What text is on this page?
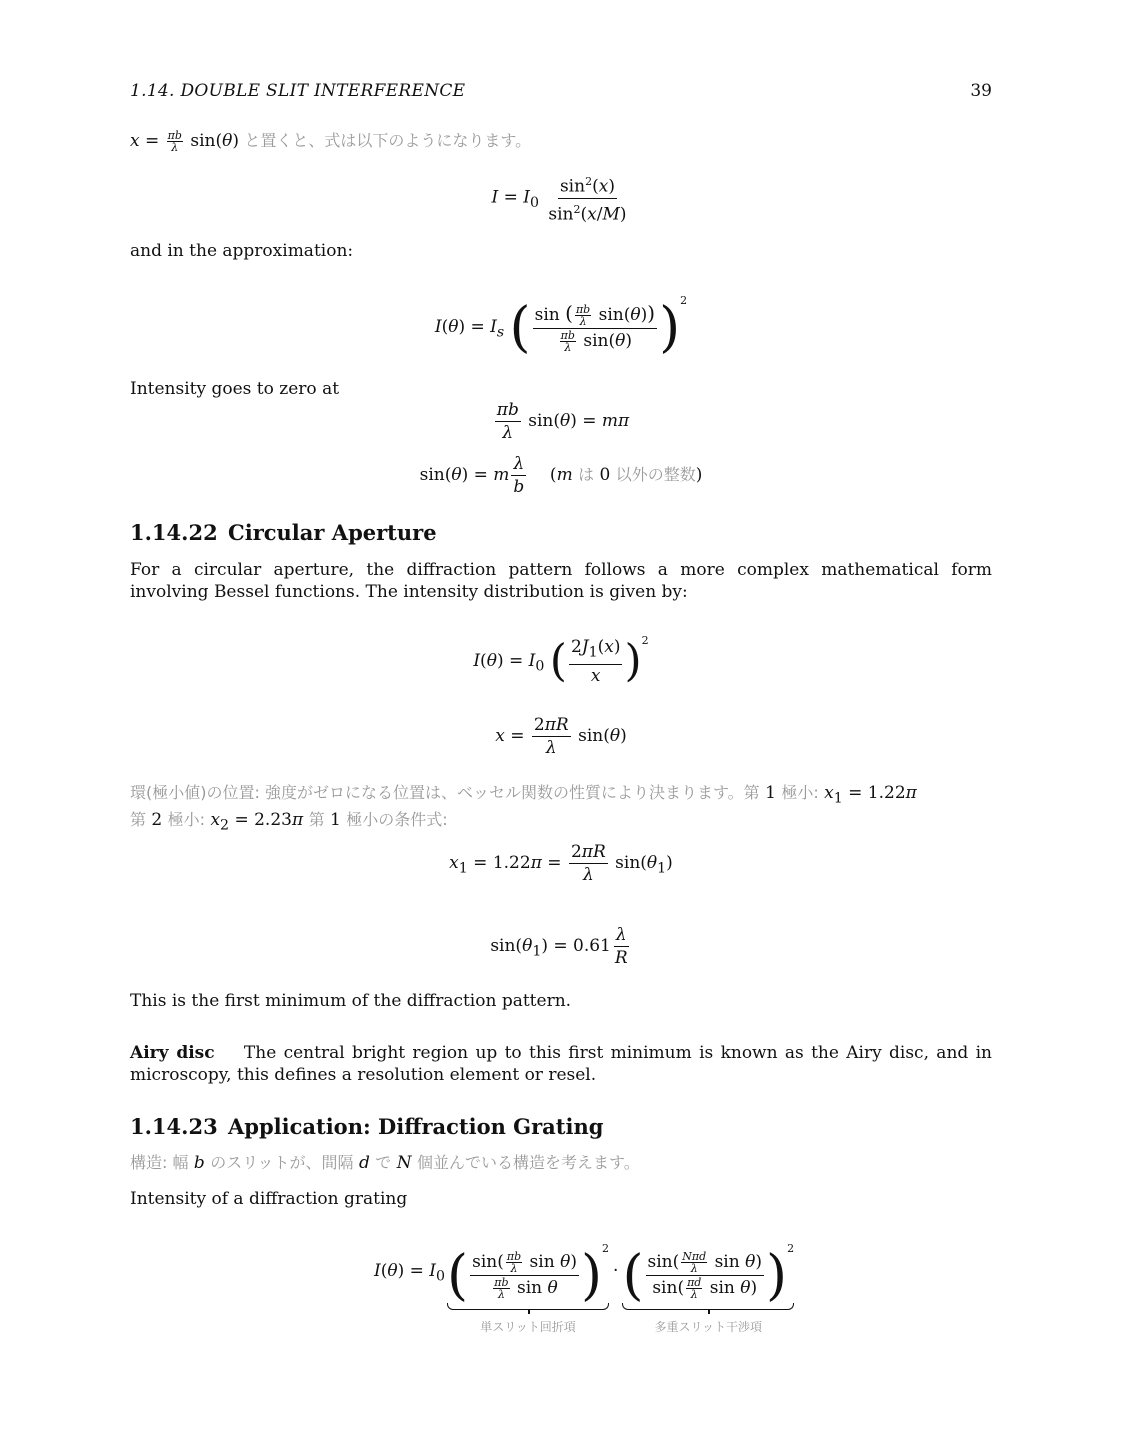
1.14. DOUBLE SLIT INTERFERENCE	39
$x = \frac{\pi b}{\lambda} \sin(\theta)$ と置くと、式は以下のようになります。
$I = I_0 \frac{\sin^2(x)}{\sin^2(x/M)}$
and in the approximation:
$I(\theta) = I_s$ ( $\frac{\sin ( \frac{\pi b}{\lambda} \sin(\theta))}{\frac{\pi b}{\lambda} \sin(\theta)} )^2$
Intensity goes to zero at
$\frac{\pi b}{\lambda} \sin(\theta) = m\pi$
sin(θ) = m $\frac{\lambda}{b} (m$ は 0 以外の整数)
1.14.22 Circular Aperture
For a circular aperture, the diffraction pattern follows a more complex mathematical form involving Bessel functions. The intensity distribution is given by:
$I(\theta) = I_0$ ( $\frac{2J_1(x)}{x} )^2$
$x = \frac{2\pi R}{\lambda} \sin(\theta)$
環(極小値)の位置: 強度がゼロになる位置は、ベッセル関数の性質により決まります。第 1 極小: $x_1 = 1.22\pi$
第 2 極小: $x_2 = 2.23\pi$ 第 1 極小の条件式:
$x_1 = 1.22\pi = \frac{2\pi R}{\lambda} \sin(\theta_1)$
$\sin(\theta_1) = 0.61 \frac{\lambda}{R}$
This is the first minimum of the diffraction pattern.
Airy disc The central bright region up to this first minimum is known as the Airy disc, and in microscopy, this defines a resolution element or resel.
1.14.23 Application: Diffraction Grating
構造: 幅 b のスリットが、間隔 d で N 個並んでいる構造を考えます。
Intensity of a diffraction grating
$I(\theta) = I_0$ ( $\frac{\sin( \frac{\pi b}{\lambda} \sin \theta)}{\frac{\pi b}{\lambda} \sin \theta} )^2$
単スリット回折項
· ( $\frac{\sin( \frac{\text{Nπd}}{\lambda} \sin \theta)}{\sin( \frac{\pi d}{\lambda} \sin \theta)} )^2$
多重スリット干渉項
